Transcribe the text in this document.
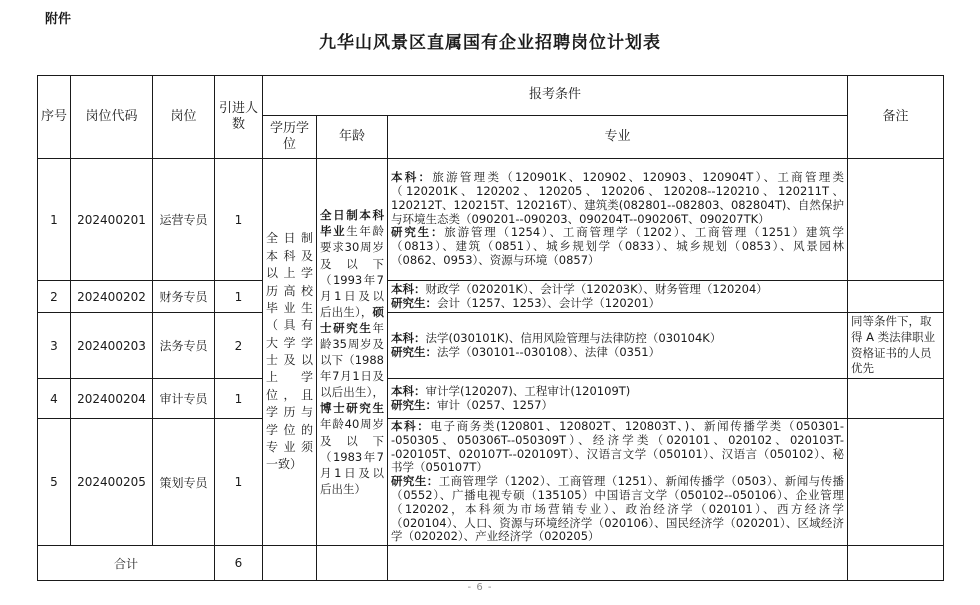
附件
九华山风景区直属国有企业招聘岗位计划表
序号	岗位代码	岗位	引进人数	报考条件			备注
				学历学位	年龄	专业	
1	202400201	运营专员	1	全日制本科及以上学历高校毕业生（具有大学学士及以上学位，且学历与学位的专业须一致）	全日制本科毕业生年龄要求30周岁及以下（1993年7月1日及以后出生），硕士研究生年龄35周岁及以下（1988年7月1日及以后出生），博士研究生年龄40周岁及以下（1983年7月1日及以后出生）	本科：旅游管理类（120901K、120902、120903、120904T）、工商管理类（120201K、120202、120205、120206、120208--120210、120211T、120212T、120215T、120216T）、建筑类(082801--082803、082804T)、自然保护与环境生态类（090201--090203、090204T--090206T、090207TK）

研究生：旅游管理（1254）、工商管理学（1202）、工商管理（1251）建筑学（0813）、建筑（0851）、城乡规划学（0833）、城乡规划（0853）、风景园林（0862、0953）、资源与环境（0857）	

2	202400202	财务专员	1			本科：财政学（020201K）、会计学（120203K）、财务管理（120204）

研究生：会计（1257、1253）、会计学（120201）	

3	202400203	法务专员	2			本科：法学(030101K)、信用风险管理与法律防控（030104K）

研究生：法学（030101--030108）、法律（0351）	同等条件下，取得 A 类法律职业资格证书的人员优先
4	202400204	审计专员	1			本科：审计学(120207)、工程审计(120109T)

研究生：审计（0257、1257）	

5	202400205	策划专员	1			本科：电子商务类(120801、120802T、120803T、)、新闻传播学类（050301--050305、050306T--050309T）、经济学类（020101、020102、020103T--020105T、020107T--020109T）、汉语言文学（050101）、汉语言（050102）、秘书学（050107T）

研究生：工商管理学（1202）、工商管理（1251）、新闻传播学（0503）、新闻与传播（0552）、广播电视专硕（135105）中国语言文学（050102--050106）、企业管理（120202，本科须为市场营销专业）、政治经济学（020101）、西方经济学（020104）、人口、资源与环境经济学（020106）、国民经济学（020201）、区域经济学（020202）、产业经济学（020205）	

合计			6				
- 6 -
